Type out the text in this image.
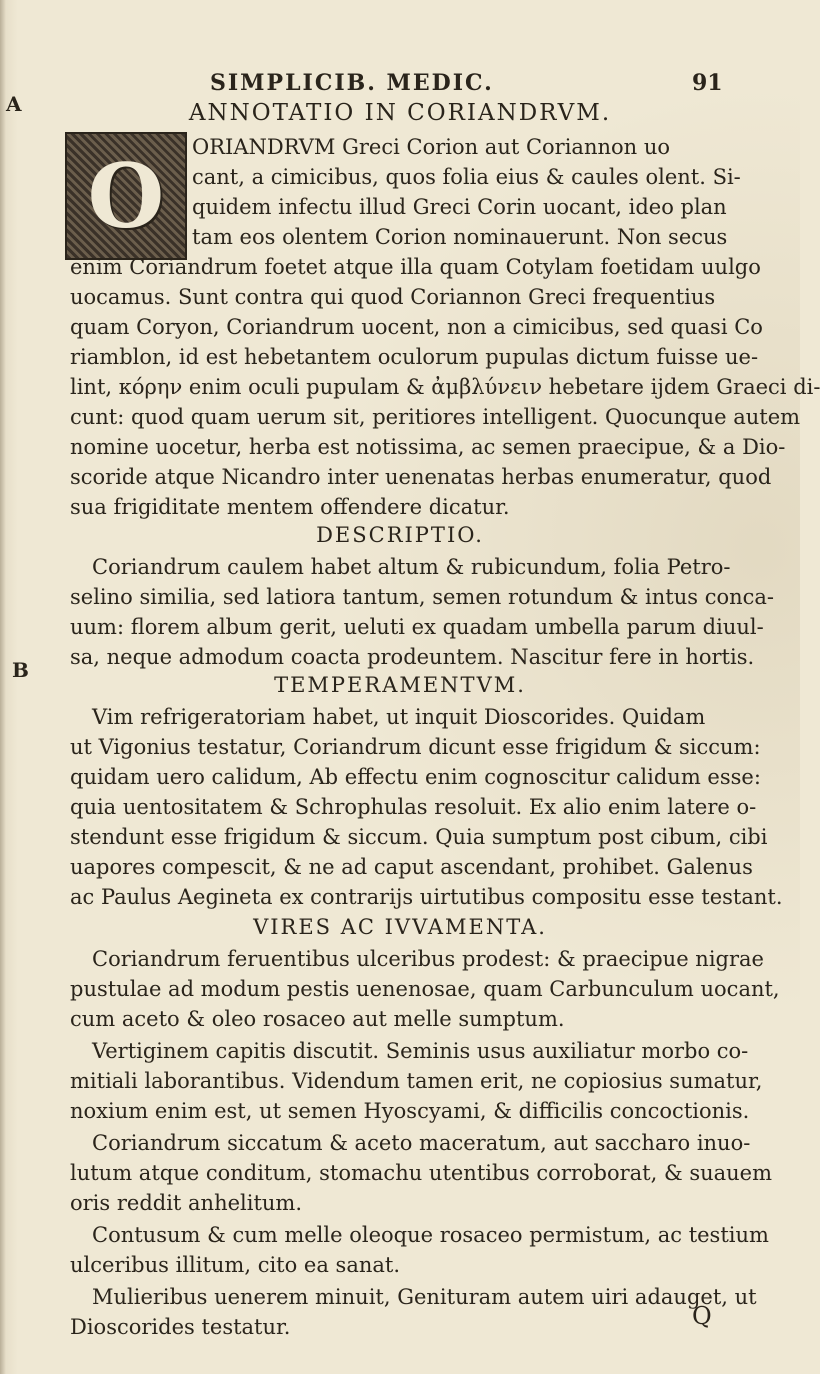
SIMPLICIB. MEDIC.	91
A
B
ANNOTATIO IN CORIANDRVM.
O ORIANDRVM Greci Corion aut Coriannon uo
cant, a cimicibus, quos folia eius & caules olent. Si-
quidem infectu illud Greci Corin uocant, ideo plan
tam eos olentem Corion nominauerunt. Non secus
enim Coriandrum foetet atque illa quam Cotylam foetidam uulgo
uocamus. Sunt contra qui quod Coriannon Greci frequentius
quam Coryon, Coriandrum uocent, non a cimicibus, sed quasi Co
riamblon, id est hebetantem oculorum pupulas dictum fuisse ue-
lint, κόρην enim oculi pupulam & ἀμβλύνειν hebetare ijdem Graeci di-
cunt: quod quam uerum sit, peritiores intelligent. Quocunque autem
nomine uocetur, herba est notissima, ac semen praecipue, & a Dio-
scoride atque Nicandro inter uenenatas herbas enumeratur, quod
sua frigiditate mentem offendere dicatur.
DESCRIPTIO.
Coriandrum caulem habet altum & rubicundum, folia Petro-
selino similia, sed latiora tantum, semen rotundum & intus conca-
uum: florem album gerit, ueluti ex quadam umbella parum diuul-
sa, neque admodum coacta prodeuntem. Nascitur fere in hortis.
TEMPERAMENTVM.
Vim refrigeratoriam habet, ut inquit Dioscorides. Quidam
ut Vigonius testatur, Coriandrum dicunt esse frigidum & siccum:
quidam uero calidum, Ab effectu enim cognoscitur calidum esse:
quia uentositatem & Schrophulas resoluit. Ex alio enim latere o-
stendunt esse frigidum & siccum. Quia sumptum post cibum, cibi
uapores compescit, & ne ad caput ascendant, prohibet. Galenus
ac Paulus Aegineta ex contrarijs uirtutibus compositu esse testant.
VIRES AC IVVAMENTA.
Coriandrum feruentibus ulceribus prodest: & praecipue nigrae
pustulae ad modum pestis uenenosae, quam Carbunculum uocant,
cum aceto & oleo rosaceo aut melle sumptum.
Vertiginem capitis discutit. Seminis usus auxiliatur morbo co-
mitiali laborantibus. Videndum tamen erit, ne copiosius sumatur,
noxium enim est, ut semen Hyoscyami, & difficilis concoctionis.
Coriandrum siccatum & aceto maceratum, aut saccharo inuo-
lutum atque conditum, stomachu utentibus corroborat, & suauem
oris reddit anhelitum.
Contusum & cum melle oleoque rosaceo permistum, ac testium
ulceribus illitum, cito ea sanat.
Mulieribus uenerem minuit, Genituram autem uiri adauget, ut
Dioscorides testatur.	Q
